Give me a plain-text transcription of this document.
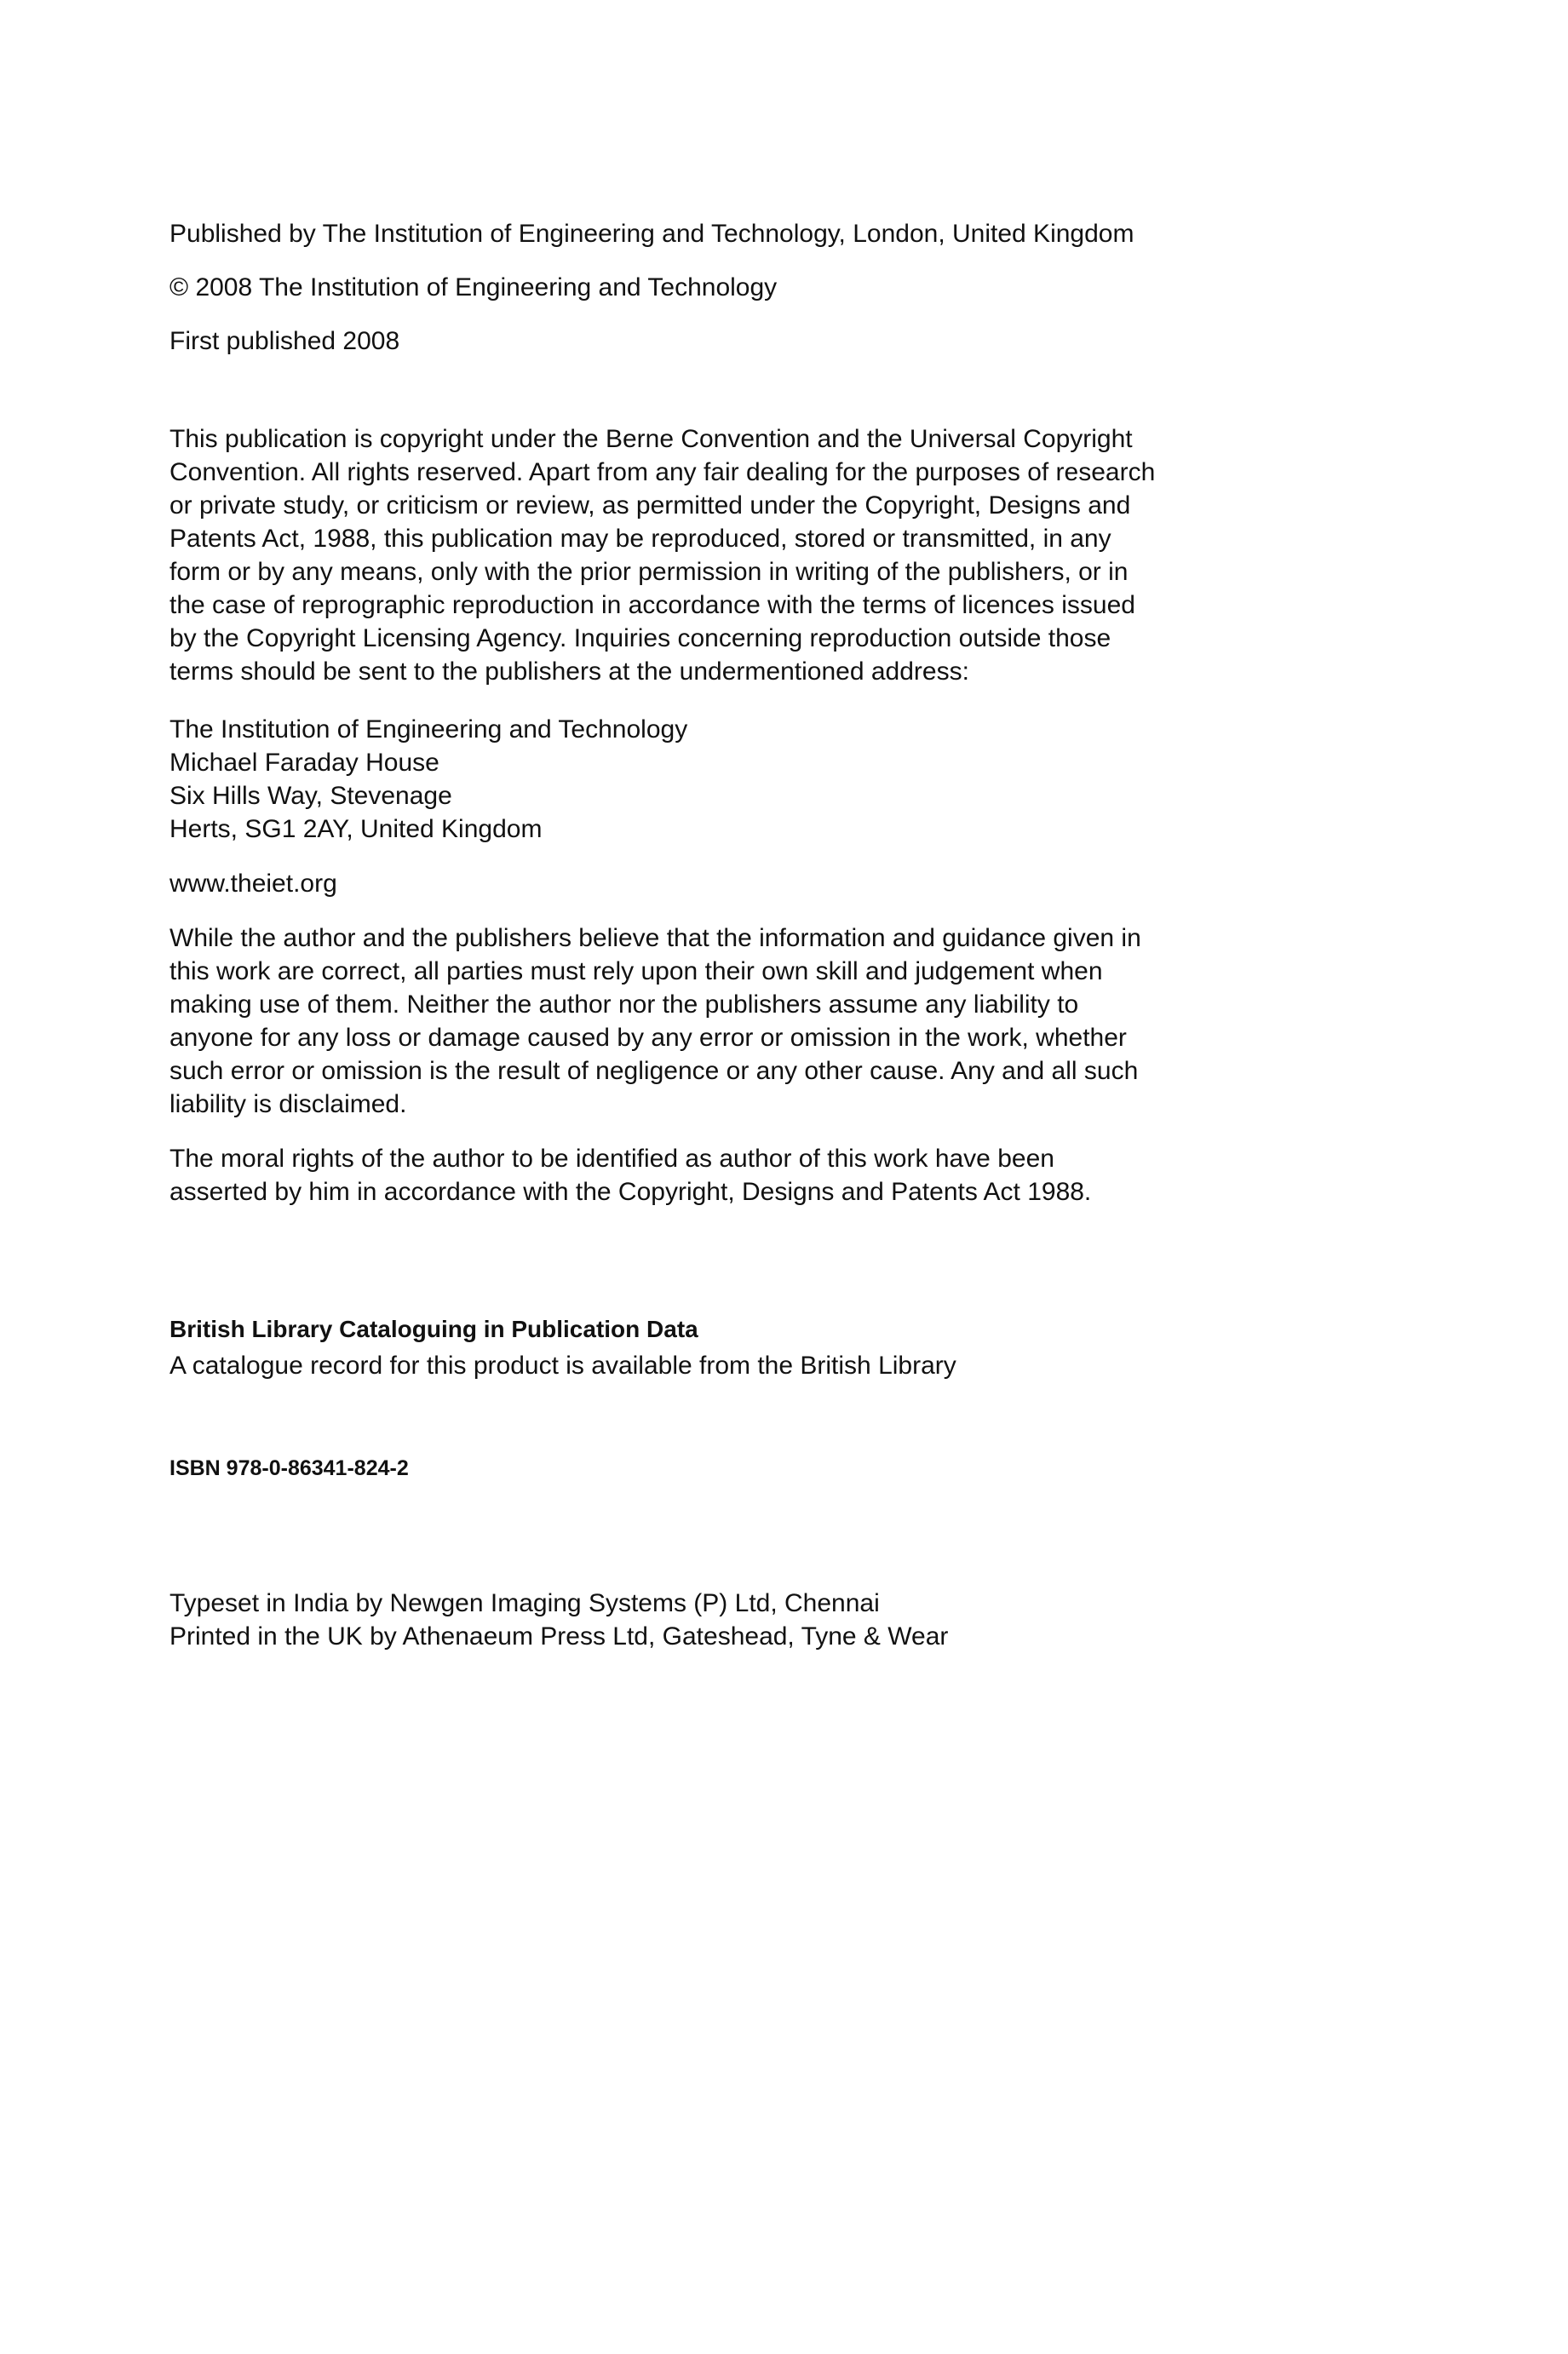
Published by The Institution of Engineering and Technology, London, United Kingdom

© 2008 The Institution of Engineering and Technology

First published 2008

This publication is copyright under the Berne Convention and the Universal Copyright
Convention. All rights reserved. Apart from any fair dealing for the purposes of research
or private study, or criticism or review, as permitted under the Copyright, Designs and
Patents Act, 1988, this publication may be reproduced, stored or transmitted, in any
form or by any means, only with the prior permission in writing of the publishers, or in
the case of reprographic reproduction in accordance with the terms of licences issued
by the Copyright Licensing Agency. Inquiries concerning reproduction outside those
terms should be sent to the publishers at the undermentioned address:
The Institution of Engineering and Technology
Michael Faraday House
Six Hills Way, Stevenage
Herts, SG1 2AY, United Kingdom

www.theiet.org

While the author and the publishers believe that the information and guidance given in
this work are correct, all parties must rely upon their own skill and judgement when
making use of them. Neither the author nor the publishers assume any liability to
anyone for any loss or damage caused by any error or omission in the work, whether
such error or omission is the result of negligence or any other cause. Any and all such
liability is disclaimed.
The moral rights of the author to be identified as author of this work have been
asserted by him in accordance with the Copyright, Designs and Patents Act 1988.

British Library Cataloguing in Publication Data

A catalogue record for this product is available from the British Library

ISBN 978-0-86341-824-2

Typeset in India by Newgen Imaging Systems (P) Ltd, Chennai
Printed in the UK by Athenaeum Press Ltd, Gateshead, Tyne & Wear
